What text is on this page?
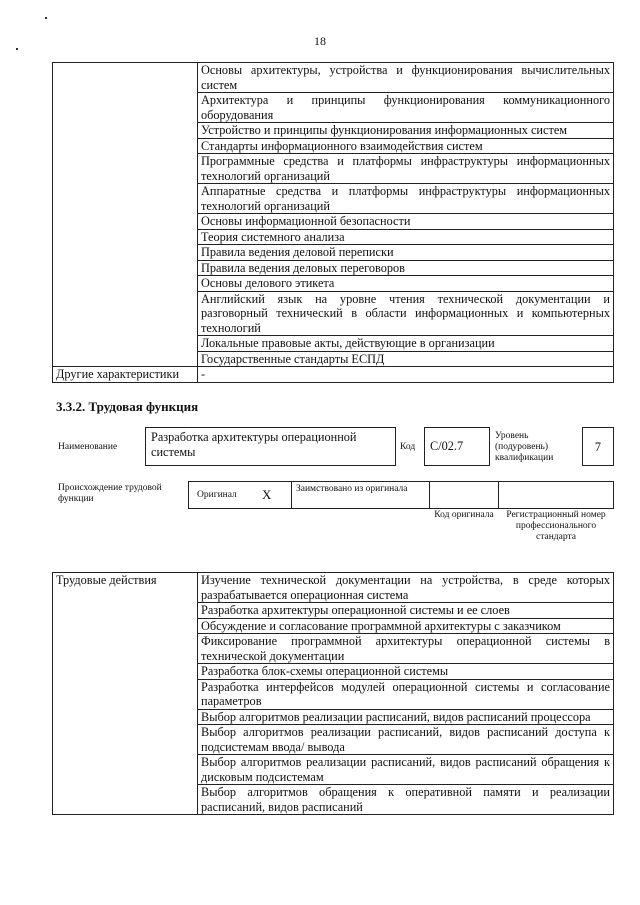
18
	Основы архитектуры, устройства и функционирования вычислительных систем
	Архитектура и принципы функционирования коммуникационного оборудования
	Устройство и принципы функционирования информационных систем
	Стандарты информационного взаимодействия систем
	Программные средства и платформы инфраструктуры информационных технологий организаций
	Аппаратные средства и платформы инфраструктуры информационных технологий организаций
	Основы информационной безопасности
	Теория системного анализа
	Правила ведения деловой переписки
	Правила ведения деловых переговоров
	Основы делового этикета
	Английский язык на уровне чтения технической документации и разговорный технический в области информационных и компьютерных технологий
	Локальные правовые акты, действующие в организации
	Государственные стандарты ЕСПД
Другие характеристики	-
3.3.2. Трудовая функция
Наименование
Разработка архитектуры операционной системы	Код	C/02.7
Уровень (подуровень) квалификации
7
Происхождение трудовой функции	Оригинал X	Заимствовано из оригинала
Код оригинала	Регистрационный номер профессионального стандарта
Трудовые действия	Изучение технической документации на устройства, в среде которых разрабатывается операционная система
Разработка архитектуры операционной системы и ее слоев
Обсуждение и согласование программной архитектуры с заказчиком
Фиксирование программной архитектуры операционной системы в технической документации
Разработка блок-схемы операционной системы
Разработка интерфейсов модулей операционной системы и согласование параметров
Выбор алгоритмов реализации расписаний, видов расписаний процессора
Выбор алгоритмов реализации расписаний, видов расписаний доступа к подсистемам ввода/ вывода
Выбор алгоритмов реализации расписаний, видов расписаний обращения к дисковым подсистемам
Выбор алгоритмов обращения к оперативной памяти и реализации расписаний, видов расписаний
